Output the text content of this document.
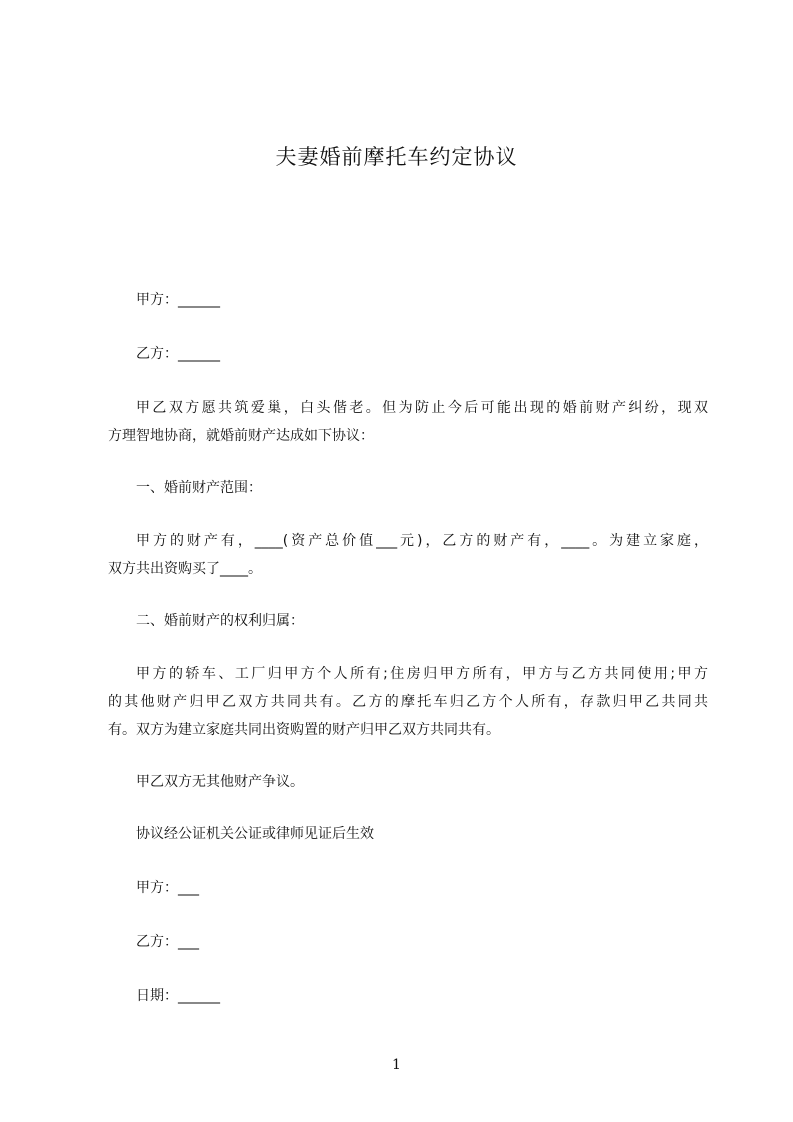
夫妻婚前摩托车约定协议
甲方：______
乙方：______
甲乙双方愿共筑爱巢，白头偕老。但为防止今后可能出现的婚前财产纠纷，现双
方理智地协商，就婚前财产达成如下协议：
一、婚前财产范围：
甲方的财产有，____(资产总价值___元)，乙方的财产有，____。为建立家庭，
双方共出资购买了____。
二、婚前财产的权利归属：
甲方的轿车、工厂归甲方个人所有;住房归甲方所有，甲方与乙方共同使用;甲方
的其他财产归甲乙双方共同共有。乙方的摩托车归乙方个人所有，存款归甲乙共同共
有。双方为建立家庭共同出资购置的财产归甲乙双方共同共有。
甲乙双方无其他财产争议。
协议经公证机关公证或律师见证后生效
甲方：___
乙方：___
日期：______
1
